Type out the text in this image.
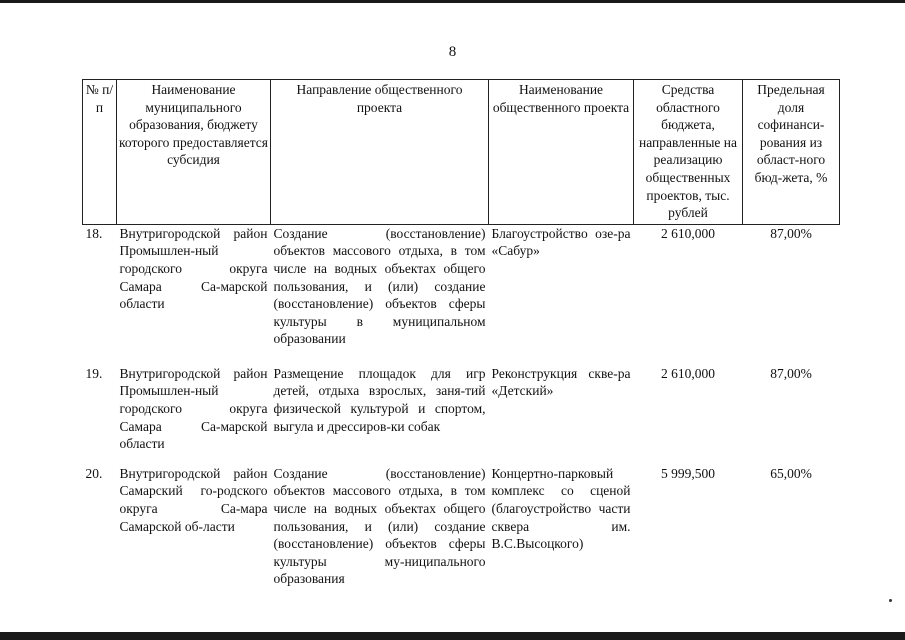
8
№ п/п	Наименование муниципального образования, бюджету которого предоставляется субсидия	Направление общественного проекта	Наименование общественного проекта	Средства областного бюджета, направленные на реализацию общественных проектов, тыс. рублей	Предельная доля софинанси-рования из област-ного бюд-жета, %
18.	Внутригородской район Промышлен-ный городского округа Самара Са-марской области	Создание (восстановление) объектов массового отдыха, в том числе на водных объектах общего пользования, и (или) создание (восстановление) объектов сферы культуры в муниципальном образовании	Благоустройство озе-ра «Сабур»	2 610,000	87,00%
19.	Внутригородской район Промышлен-ный городского округа Самара Са-марской области	Размещение площадок для игр детей, отдыха взрослых, заня-тий физической культурой и спортом, выгула и дрессиров-ки собак	Реконструкция скве-ра «Детский»	2 610,000	87,00%
20.	Внутригородской район Самарский го-родского округа Са-мара Самарской об-ласти	Создание (восстановление) объектов массового отдыха, в том числе на водных объектах общего пользования, и (или) создание (восстановление) объектов сферы культуры му-ниципального образования	Концертно-парковый комплекс со сценой (благоустройство части сквера им. В.С.Высоцкого)	5 999,500	65,00%
